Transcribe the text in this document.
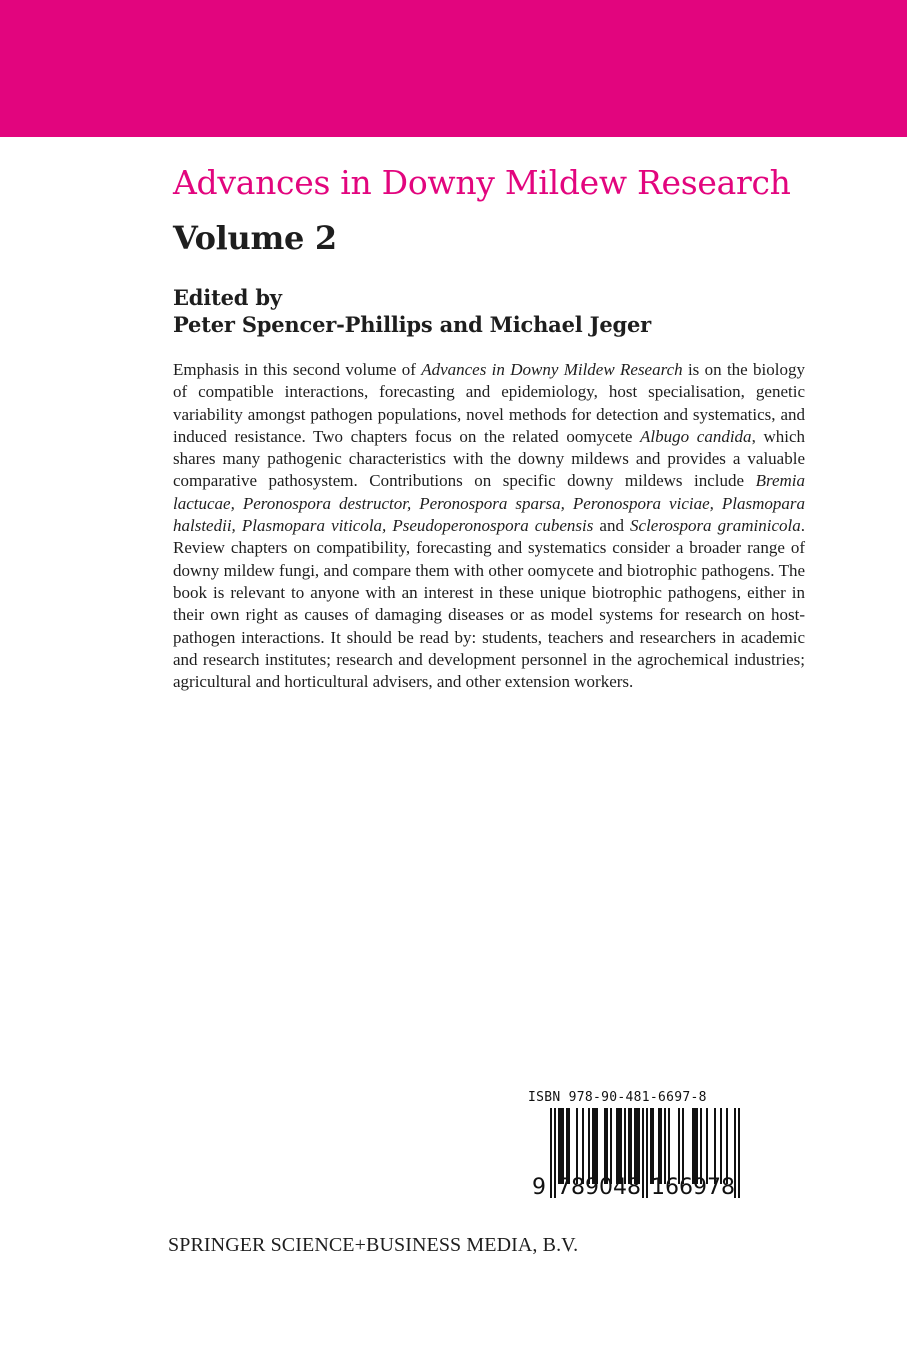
Advances in Downy Mildew Research
Volume 2
Edited by
Peter Spencer-Phillips and Michael Jeger

Emphasis in this second volume of Advances in Downy Mildew Research is on the biology of compatible interactions, forecasting and epidemiology, host specialisation, genetic variability amongst pathogen populations, novel methods for detection and systematics, and induced resistance. Two chapters focus on the related oomycete Albugo candida, which shares many pathogenic characteristics with the downy mildews and provides a valuable comparative pathosystem. Contributions on specific downy mildews include Bremia lactucae, Peronospora destructor, Peronospora sparsa, Peronospora viciae, Plasmopara halstedii, Plasmopara viticola, Pseudoperonospora cubensis and Sclerospora graminicola. Review chapters on compatibility, forecasting and systematics consider a broader range of downy mildew fungi, and compare them with other oomycete and biotrophic pathogens. The book is relevant to anyone with an interest in these unique biotrophic pathogens, either in their own right as causes of damaging diseases or as model systems for research on host-pathogen interactions. It should be read by: students, teachers and researchers in academic and research institutes; research and development personnel in the agrochemical industries; agricultural and horticultural advisers, and other extension workers.

ISBN 978-90-481-6697-8
9 7 8 9 0 4 8 1 6 6 9 7 8

SPRINGER SCIENCE+BUSINESS MEDIA, B.V.
